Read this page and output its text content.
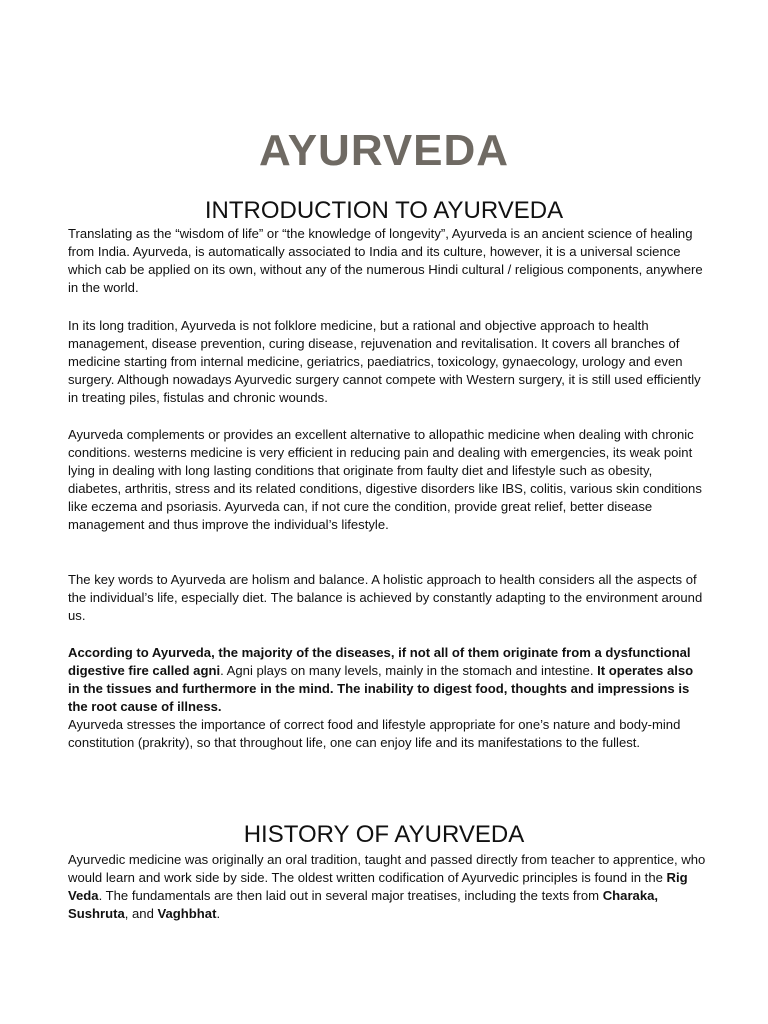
AYURVEDA
INTRODUCTION TO AYURVEDA

Translating as the “wisdom of life” or “the knowledge of longevity”, Ayurveda is an ancient science of healing from India. Ayurveda, is automatically associated to India and its culture, however, it is a universal science which cab be applied on its own, without any of the numerous Hindi cultural / religious components, anywhere in the world.

In its long tradition, Ayurveda is not folklore medicine, but a rational and objective approach to health management, disease prevention, curing disease, rejuvenation and revitalisation. It covers all branches of medicine starting from internal medicine, geriatrics, paediatrics, toxicology, gynaecology, urology and even surgery. Although nowadays Ayurvedic surgery cannot compete with Western surgery, it is still used efficiently in treating piles, fistulas and chronic wounds.

Ayurveda complements or provides an excellent alternative to allopathic medicine when dealing with chronic conditions. westerns medicine is very efficient in reducing pain and dealing with emergencies, its weak point lying in dealing with long lasting conditions that originate from faulty diet and lifestyle such as obesity, diabetes, arthritis, stress and its related conditions, digestive disorders like IBS, colitis, various skin conditions like eczema and psoriasis. Ayurveda can, if not cure the condition, provide great relief, better disease management and thus improve the individual’s lifestyle.

The key words to Ayurveda are holism and balance. A holistic approach to health considers all the aspects of the individual’s life, especially diet. The balance is achieved by constantly adapting to the environment around us.

According to Ayurveda, the majority of the diseases, if not all of them originate from a dysfunctional digestive fire called agni. Agni plays on many levels, mainly in the stomach and intestine. It operates also in the tissues and furthermore in the mind. The inability to digest food, thoughts and impressions is the root cause of illness.

Ayurveda stresses the importance of correct food and lifestyle appropriate for one’s nature and body-mind constitution (prakrity), so that throughout life, one can enjoy life and its manifestations to the fullest.

HISTORY OF AYURVEDA

Ayurvedic medicine was originally an oral tradition, taught and passed directly from teacher to apprentice, who would learn and work side by side. The oldest written codification of Ayurvedic principles is found in the Rig Veda. The fundamentals are then laid out in several major treatises, including the texts from Charaka, Sushruta, and Vaghbhat.
